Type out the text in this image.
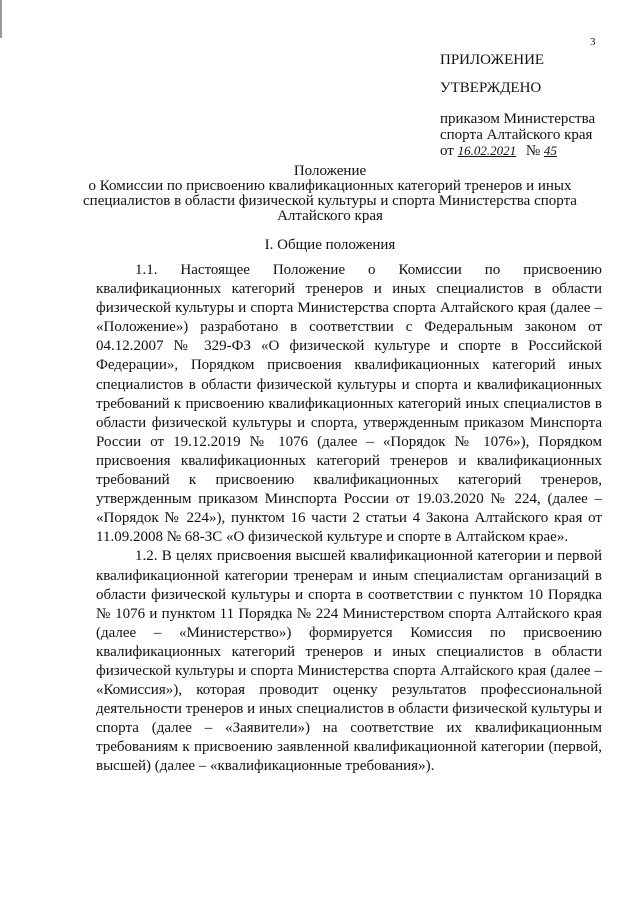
3
ПРИЛОЖЕНИЕ
УТВЕРЖДЕНО
приказом Министерства
спорта Алтайского края
от 16.02.2021 № 45
Положение
о Комиссии по присвоению квалификационных категорий тренеров и иных
специалистов в области физической культуры и спорта Министерства спорта
Алтайского края
I. Общие положения

1.1. Настоящее Положение о Комиссии по присвоению квалификационных категорий тренеров и иных специалистов в области физической культуры и спорта Министерства спорта Алтайского края (далее – «Положение») разработано в соответствии с Федеральным законом от 04.12.2007 № 329-ФЗ «О физической культуре и спорте в Российской Федерации», Порядком присвоения квалификационных категорий иных специалистов в области физической культуры и спорта и квалификационных требований к присвоению квалификационных категорий иных специалистов в области физической культуры и спорта, утвержденным приказом Минспорта России от 19.12.2019 № 1076 (далее – «Порядок № 1076»), Порядком присвоения квалификационных категорий тренеров и квалификационных требований к присвоению квалификационных категорий тренеров, утвержденным приказом Минспорта России от 19.03.2020 № 224, (далее – «Порядок № 224»), пунктом 16 части 2 статьи 4 Закона Алтайского края от 11.09.2008 № 68-ЗС «О физической культуре и спорте в Алтайском крае».

1.2. В целях присвоения высшей квалификационной категории и первой квалификационной категории тренерам и иным специалистам организаций в области физической культуры и спорта в соответствии с пунктом 10 Порядка № 1076 и пунктом 11 Порядка № 224 Министерством спорта Алтайского края (далее – «Министерство») формируется Комиссия по присвоению квалификационных категорий тренеров и иных специалистов в области физической культуры и спорта Министерства спорта Алтайского края (далее – «Комиссия»), которая проводит оценку результатов профессиональной деятельности тренеров и иных специалистов в области физической культуры и спорта (далее – «Заявители») на соответствие их квалификационным требованиям к присвоению заявленной квалификационной категории (первой, высшей) (далее – «квалификационные требования»).
